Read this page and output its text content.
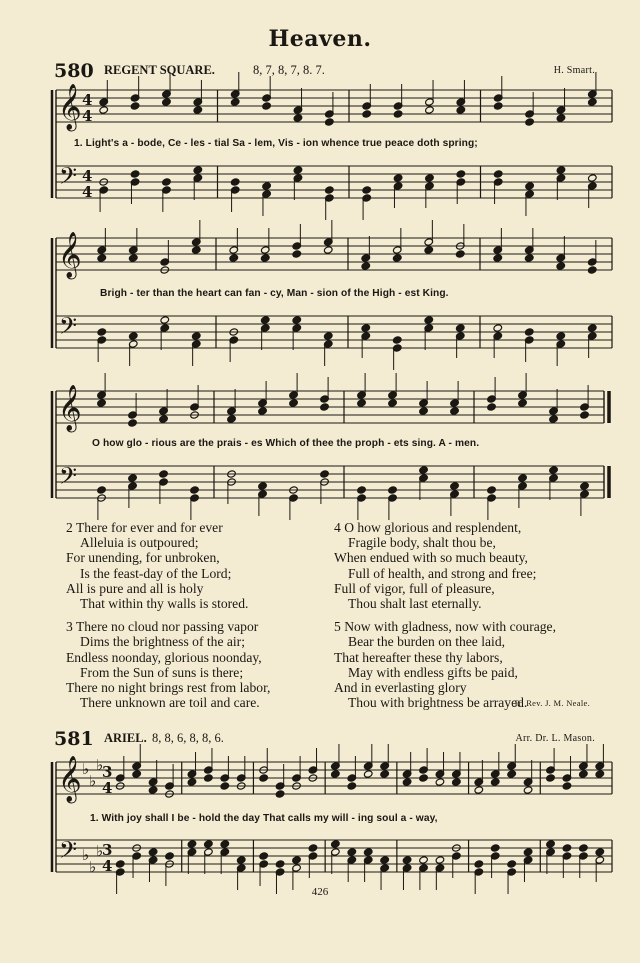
Heaven.
580 REGENT SQUARE.	8, 7, 8, 7, 8. 7.	H. Smart.
𝄞
𝄢
4
4
4
4
𝄞
𝄢
𝄞
𝄢
𝄞
𝄢
♭
♭
♭
♭
♭
♭
3
4
3
4
1. Light's a - bode, Ce - les - tial Sa - lem, Vis - ion whence true peace doth spring;
Brigh - ter than the heart can fan - cy, Man - sion of the High - est King.
O how glo - rious are the prais - es Which of thee the proph - ets sing. A - men.
2 There for ever and for ever
Alleluia is outpoured;
For unending, for unbroken,
Is the feast-day of the Lord;
All is pure and all is holy
That within thy walls is stored.
3 There no cloud nor passing vapor
Dims the brightness of the air;
Endless noonday, glorious noonday,
From the Sun of suns is there;
There no night brings rest from labor,
There unknown are toil and care.
4 O how glorious and resplendent,
Fragile body, shalt thou be,
When endued with so much beauty,
Full of health, and strong and free;
Full of vigor, full of pleasure,
Thou shalt last eternally.
5 Now with gladness, now with courage,
Bear the burden on thee laid,
That hereafter these thy labors,
May with endless gifts be paid,
And in everlasting glory
Thou with brightness be arrayed.
Tr. Rev. J. M. Neale.
581 ARIEL. 8, 8, 6, 8, 8, 6.	Arr. Dr. L. Mason.
1. With joy shall I be - hold the day That calls my will - ing soul a - way,
426
